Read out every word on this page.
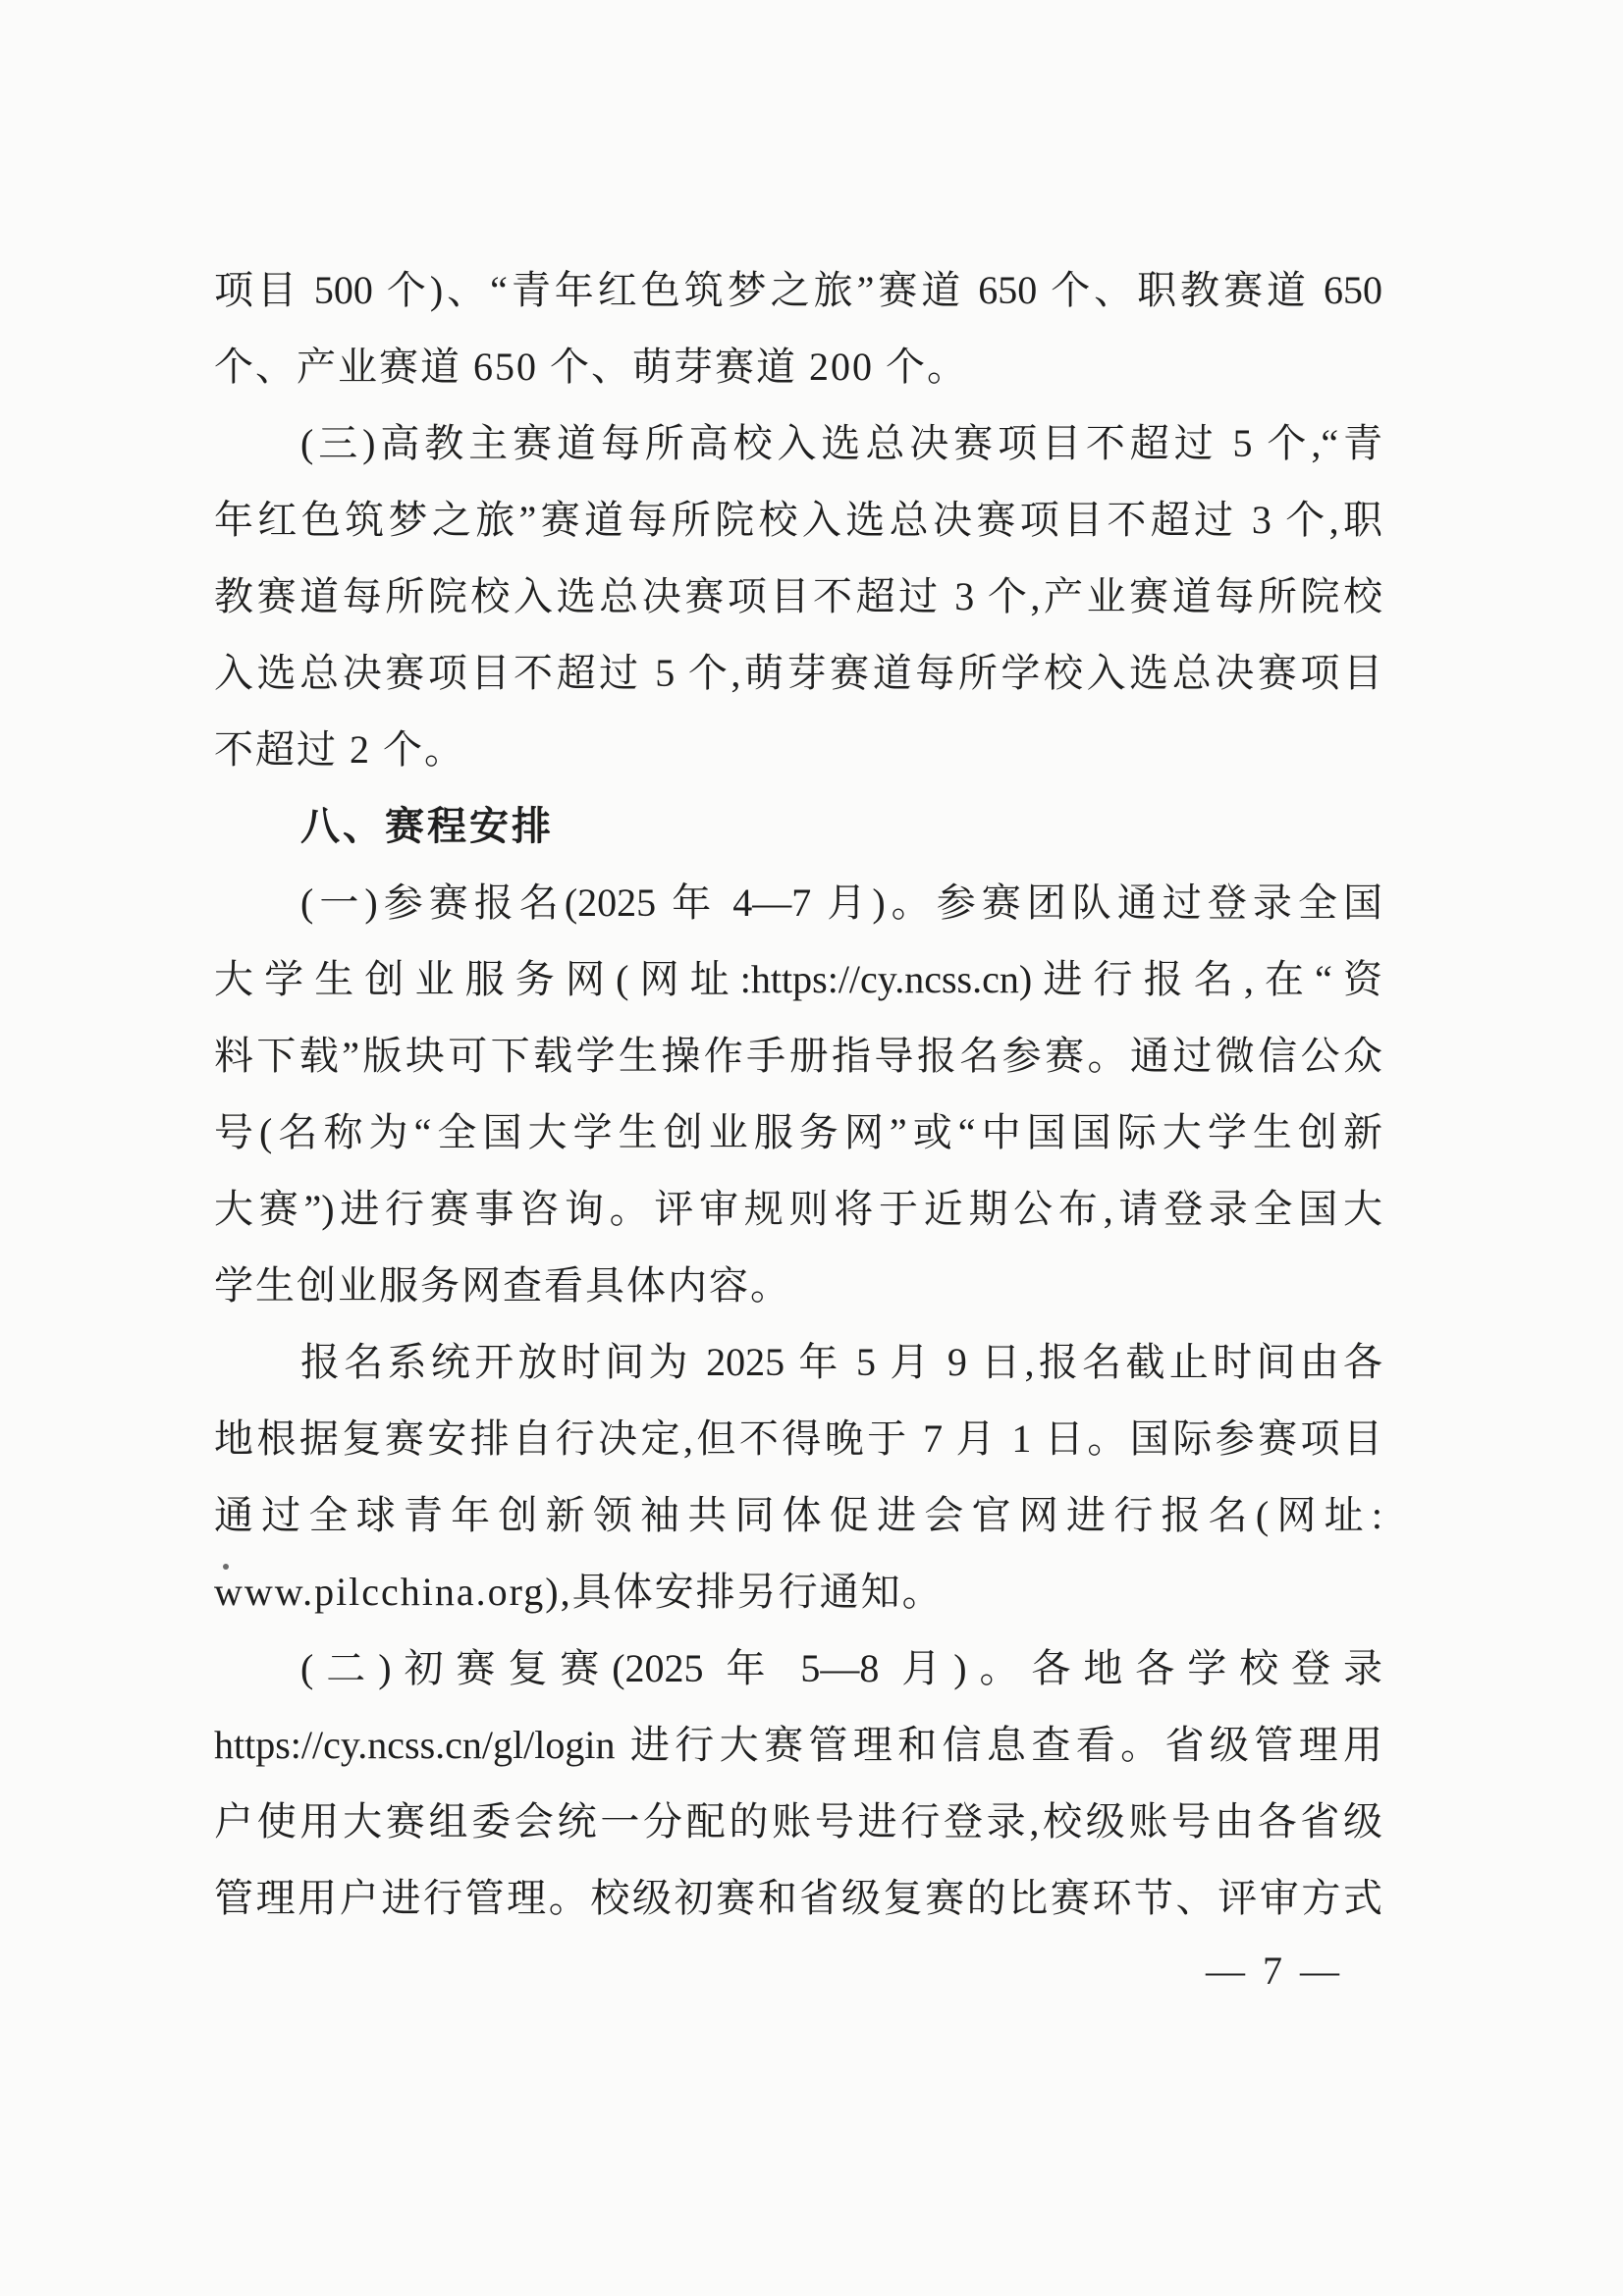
项目 500 个)、“青年红色筑梦之旅”赛道 650 个、职教赛道 650
个、产业赛道 650 个、萌芽赛道 200 个。
(三)高教主赛道每所高校入选总决赛项目不超过 5 个,“青
年红色筑梦之旅”赛道每所院校入选总决赛项目不超过 3 个,职
教赛道每所院校入选总决赛项目不超过 3 个,产业赛道每所院校
入选总决赛项目不超过 5 个,萌芽赛道每所学校入选总决赛项目
不超过 2 个。
八、赛程安排
(一)参赛报名(2025 年 4—7 月)。参赛团队通过登录全国
大学生创业服务网(网址:https://cy.ncss.cn)进行报名,在“资
料下载”版块可下载学生操作手册指导报名参赛。通过微信公众
号(名称为“全国大学生创业服务网”或“中国国际大学生创新
大赛”)进行赛事咨询。评审规则将于近期公布,请登录全国大
学生创业服务网查看具体内容。
报名系统开放时间为 2025 年 5 月 9 日,报名截止时间由各
地根据复赛安排自行决定,但不得晚于 7 月 1 日。国际参赛项目
通过全球青年创新领袖共同体促进会官网进行报名(网址:
www.pilcchina.org),具体安排另行通知。
(二)初赛复赛(2025 年 5—8 月)。各地各学校登录
https://cy.ncss.cn/gl/login 进行大赛管理和信息查看。省级管理用
户使用大赛组委会统一分配的账号进行登录,校级账号由各省级
管理用户进行管理。校级初赛和省级复赛的比赛环节、评审方式
— 7 —
